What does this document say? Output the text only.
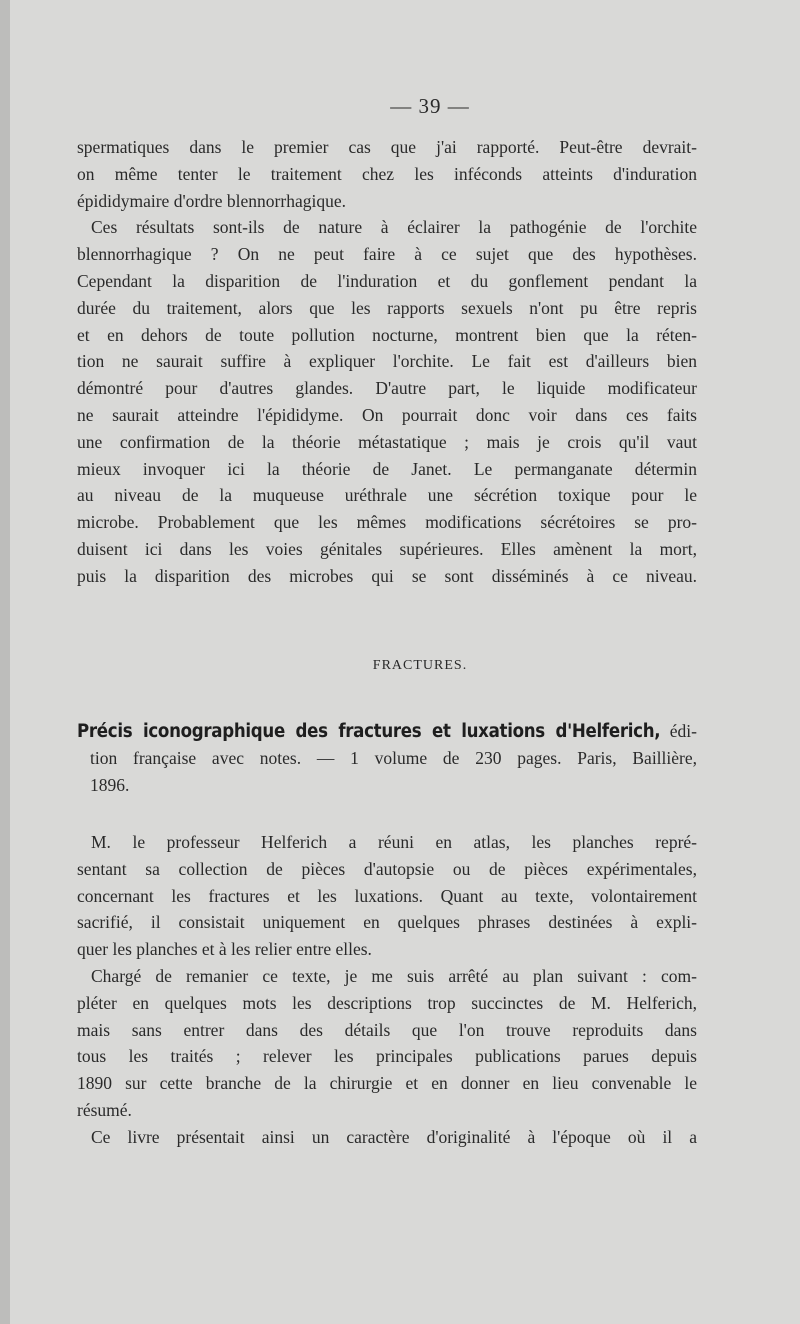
— 39 —
spermatiques dans le premier cas que j'ai rapporté. Peut-être devrait-
on même tenter le traitement chez les inféconds atteints d'induration
épididymaire d'ordre blennorrhagique.
Ces résultats sont-ils de nature à éclairer la pathogénie de l'orchite
blennorrhagique ? On ne peut faire à ce sujet que des hypothèses.
Cependant la disparition de l'induration et du gonflement pendant la
durée du traitement, alors que les rapports sexuels n'ont pu être repris
et en dehors de toute pollution nocturne, montrent bien que la réten-
tion ne saurait suffire à expliquer l'orchite. Le fait est d'ailleurs bien
démontré pour d'autres glandes. D'autre part, le liquide modificateur
ne saurait atteindre l'épididyme. On pourrait donc voir dans ces faits
une confirmation de la théorie métastatique ; mais je crois qu'il vaut
mieux invoquer ici la théorie de Janet. Le permanganate détermin
au niveau de la muqueuse uréthrale une sécrétion toxique pour le
microbe. Probablement que les mêmes modifications sécrétoires se pro-
duisent ici dans les voies génitales supérieures. Elles amènent la mort,
puis la disparition des microbes qui se sont disséminés à ce niveau.
FRACTURES.
Précis iconographique des fractures et luxations d'Helferich, édi-
tion française avec notes. — 1 volume de 230 pages. Paris, Baillière,
1896.
M. le professeur Helferich a réuni en atlas, les planches repré-
sentant sa collection de pièces d'autopsie ou de pièces expérimentales,
concernant les fractures et les luxations. Quant au texte, volontairement
sacrifié, il consistait uniquement en quelques phrases destinées à expli-
quer les planches et à les relier entre elles.
Chargé de remanier ce texte, je me suis arrêté au plan suivant : com-
pléter en quelques mots les descriptions trop succinctes de M. Helferich,
mais sans entrer dans des détails que l'on trouve reproduits dans
tous les traités ; relever les principales publications parues depuis
1890 sur cette branche de la chirurgie et en donner en lieu convenable le
résumé.
Ce livre présentait ainsi un caractère d'originalité à l'époque où il a
